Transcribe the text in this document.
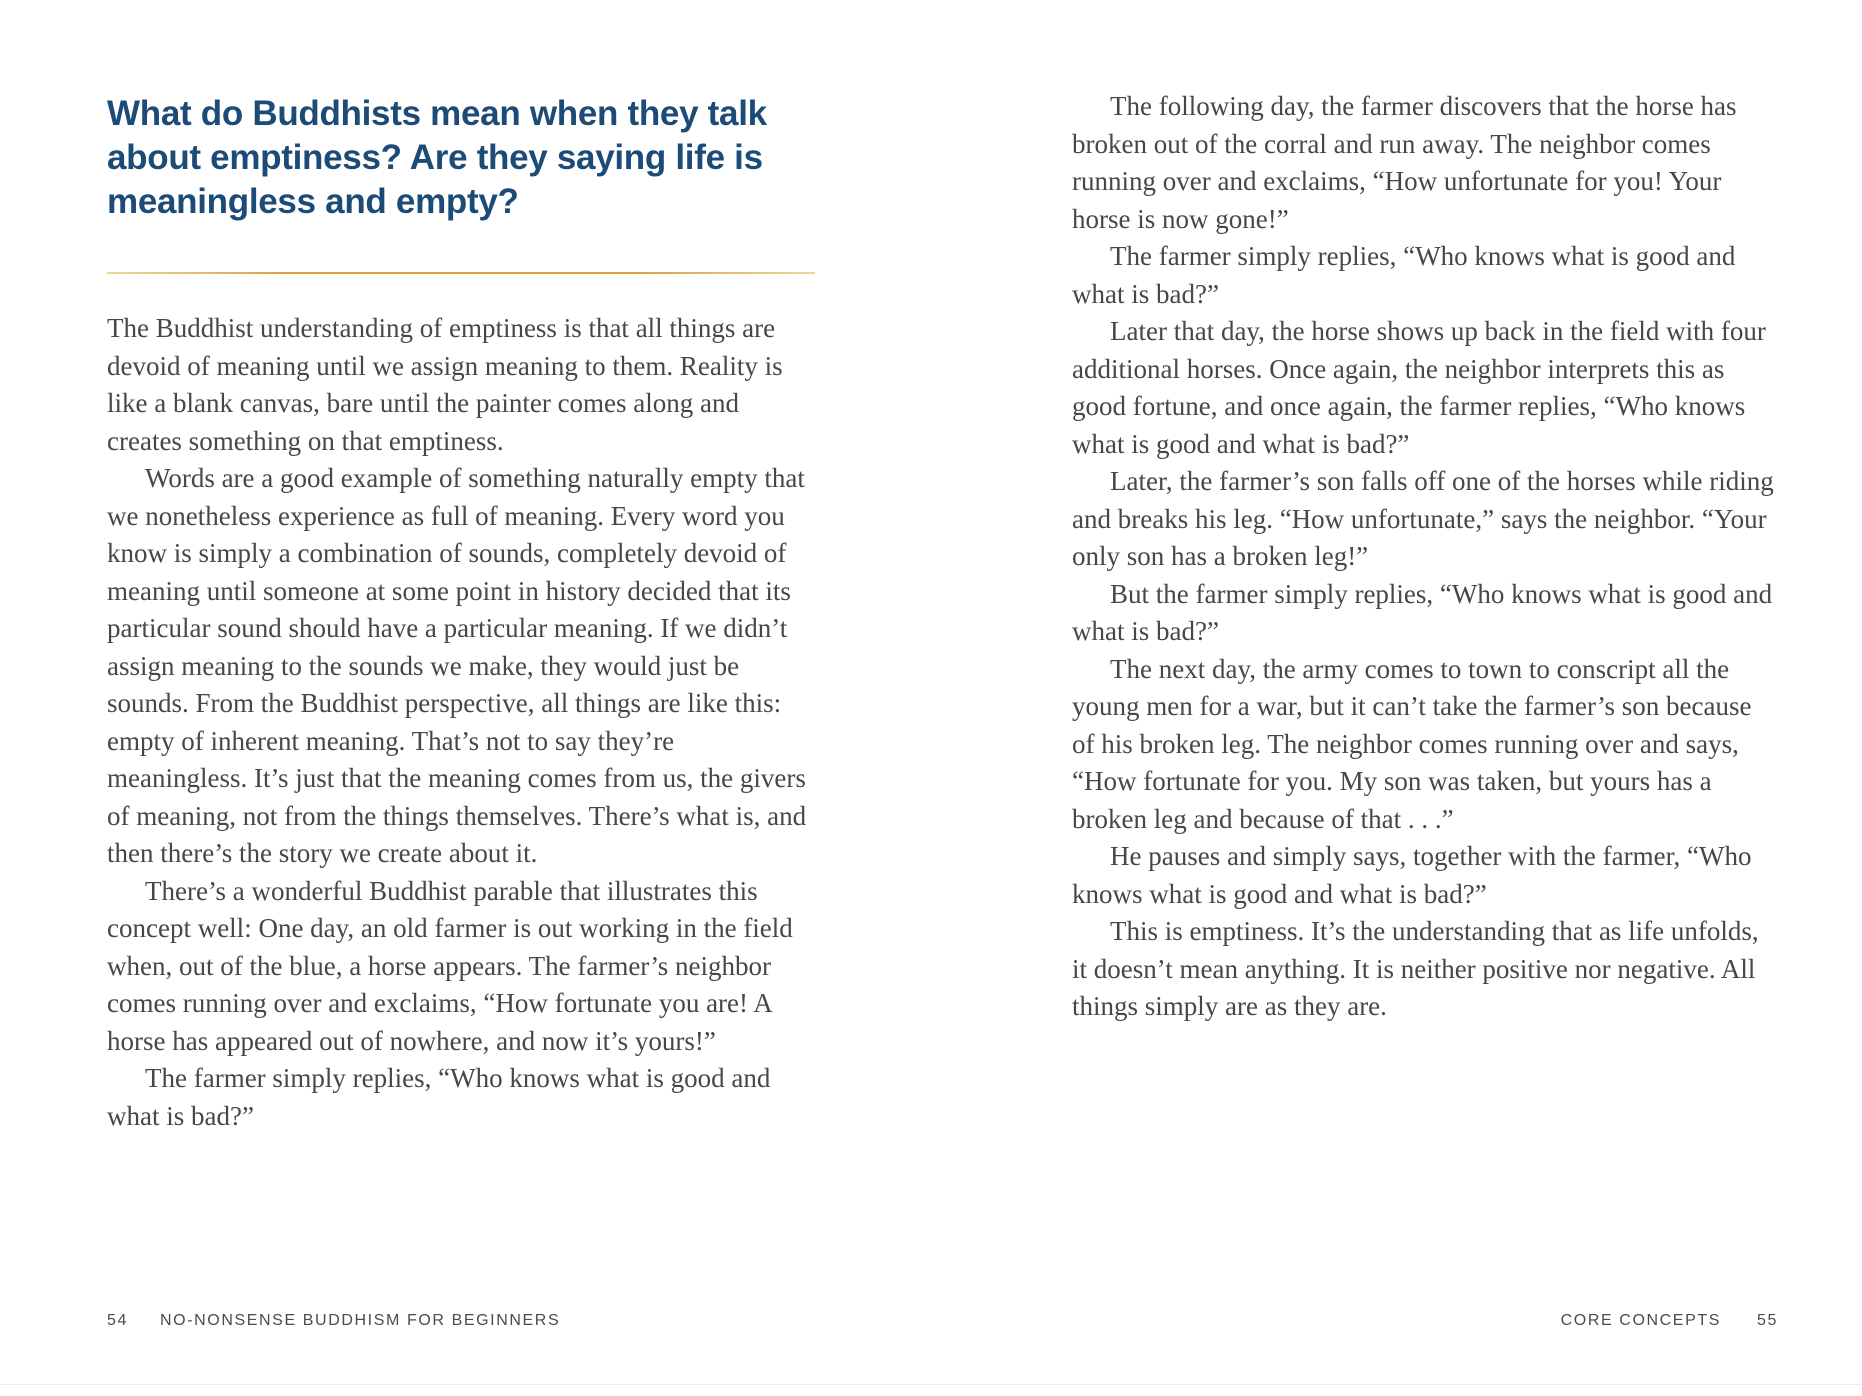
What do Buddhists mean when they talk about emptiness? Are they saying life is meaningless and empty?

The Buddhist understanding of emptiness is that all things are devoid of meaning until we assign meaning to them. Reality is like a blank canvas, bare until the painter comes along and creates something on that emptiness.

Words are a good example of something naturally empty that we nonetheless experience as full of meaning. Every word you know is simply a combination of sounds, completely devoid of meaning until someone at some point in history decided that its particular sound should have a particular meaning. If we didn’t assign meaning to the sounds we make, they would just be sounds. From the Buddhist perspective, all things are like this: empty of inherent meaning. That’s not to say they’re meaningless. It’s just that the meaning comes from us, the givers of meaning, not from the things themselves. There’s what is, and then there’s the story we create about it.

There’s a wonderful Buddhist parable that illustrates this concept well: One day, an old farmer is out working in the field when, out of the blue, a horse appears. The farmer’s neighbor comes running over and exclaims, “How fortunate you are! A horse has appeared out of nowhere, and now it’s yours!”

The farmer simply replies, “Who knows what is good and what is bad?”

The following day, the farmer discovers that the horse has broken out of the corral and run away. The neighbor comes running over and exclaims, “How unfortunate for you! Your horse is now gone!”

The farmer simply replies, “Who knows what is good and what is bad?”

Later that day, the horse shows up back in the field with four additional horses. Once again, the neighbor interprets this as good fortune, and once again, the farmer replies, “Who knows what is good and what is bad?”

Later, the farmer’s son falls off one of the horses while riding and breaks his leg. “How unfortunate,” says the neighbor. “Your only son has a broken leg!”

But the farmer simply replies, “Who knows what is good and what is bad?”

The next day, the army comes to town to conscript all the young men for a war, but it can’t take the farmer’s son because of his broken leg. The neighbor comes running over and says, “How fortunate for you. My son was taken, but yours has a broken leg and because of that . . .”

He pauses and simply says, together with the farmer, “Who knows what is good and what is bad?”

This is emptiness. It’s the understanding that as life unfolds, it doesn’t mean anything. It is neither positive nor negative. All things simply are as they are.

54 NO-NONSENSE BUDDHISM FOR BEGINNERS	CORE CONCEPTS 55
